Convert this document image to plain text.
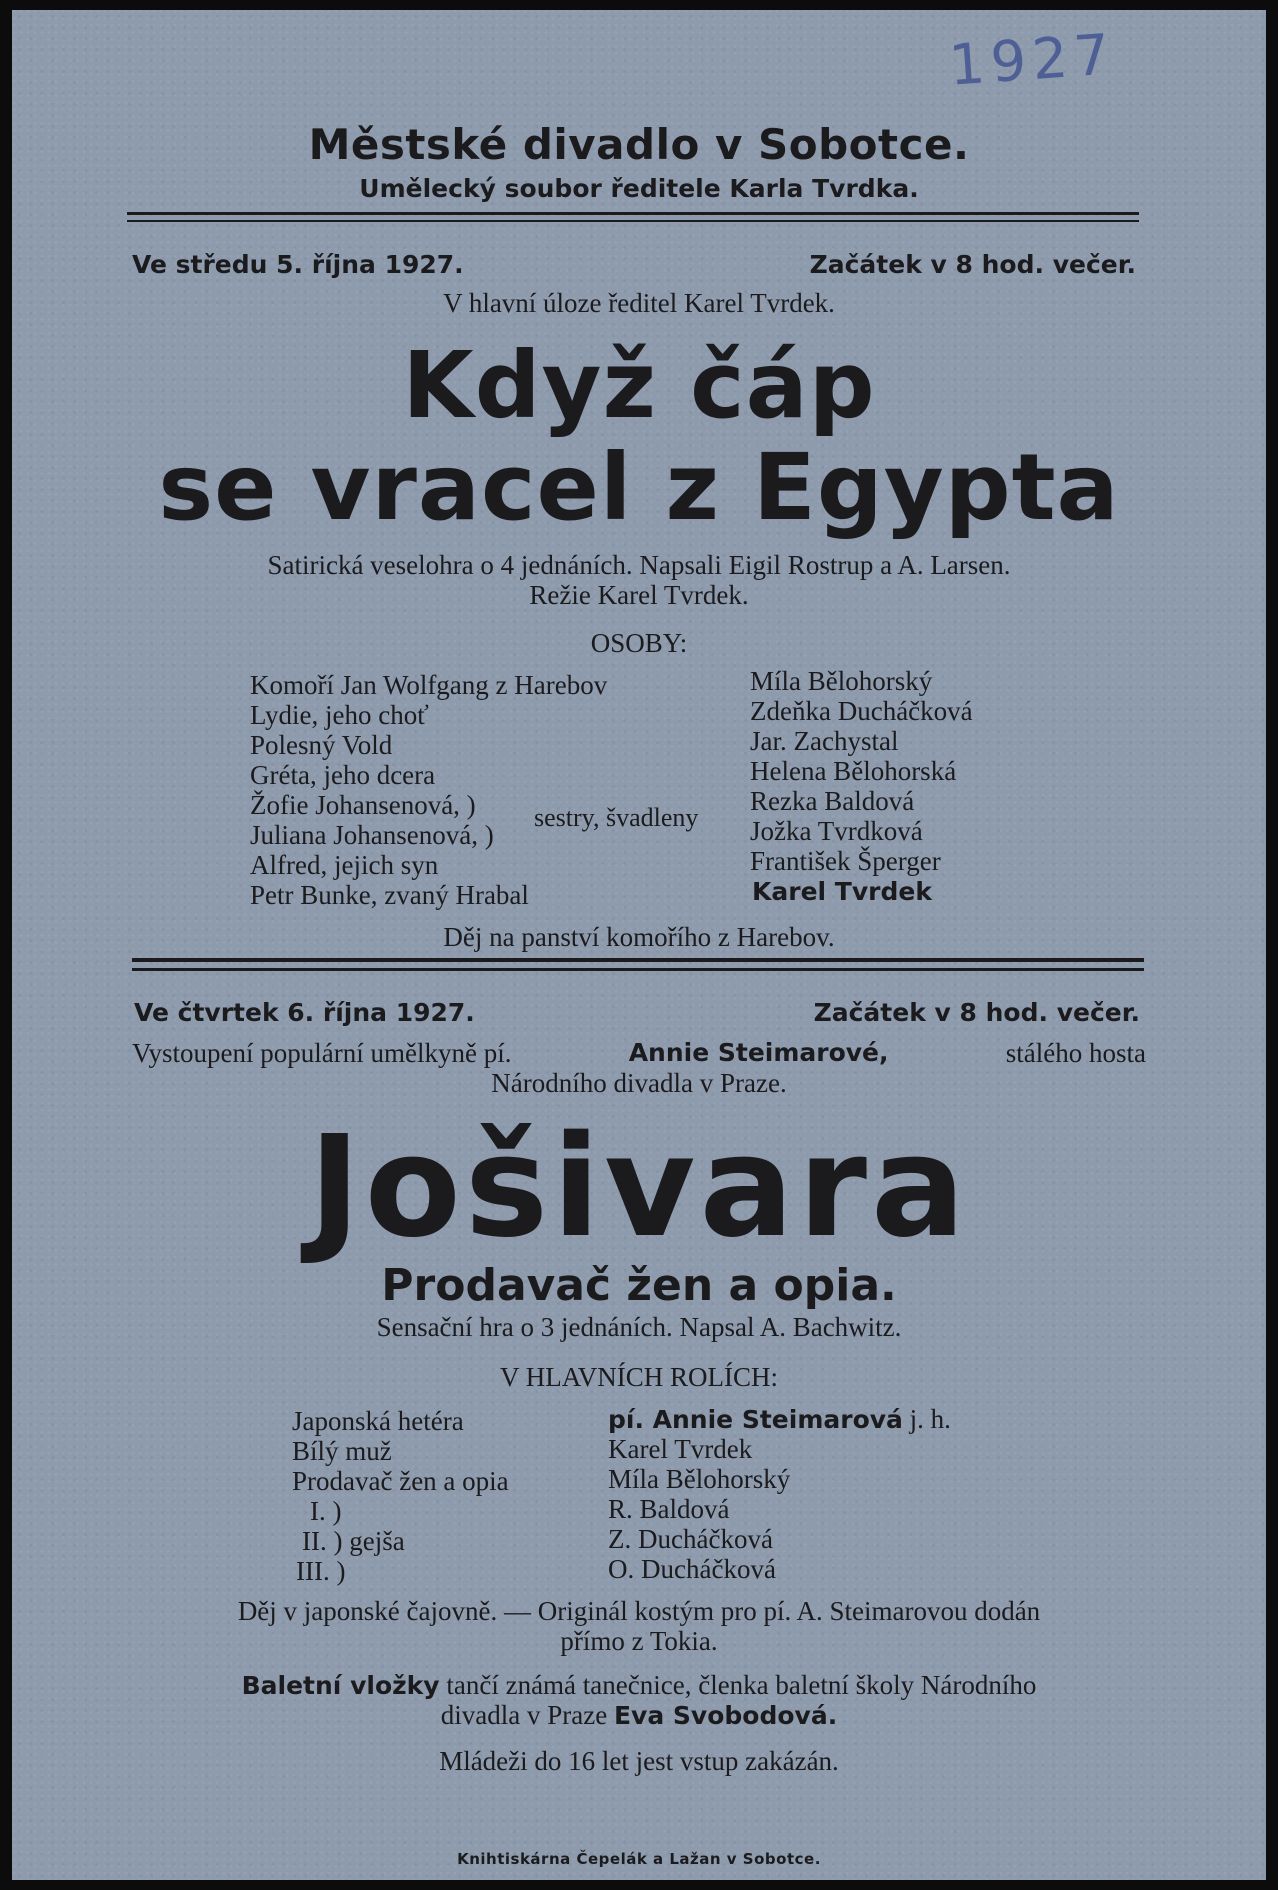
1927
Městské divadlo v Sobotce.
Umělecký soubor ředitele Karla Tvrdka.
Ve středu 5. října 1927.	Začátek v 8 hod. večer.
V hlavní úloze ředitel Karel Tvrdek.
Když čáp
se vracel z Egypta
Satirická veselohra o 4 jednáních. Napsali Eigil Rostrup a A. Larsen.
Režie Karel Tvrdek.
OSOBY:
Komoří Jan Wolfgang z Harebov	Míla Bělohorský
Lydie, jeho choť	Zdeňka Ducháčková
Polesný Vold	Jar. Zachystal
Gréta, jeho dcera	Helena Bělohorská
Žofie Johansenová, )	Rezka Baldová
Juliana Johansenová, )	Jožka Tvrdková
sestry, švadleny
Alfred, jejich syn	František Šperger
Petr Bunke, zvaný Hrabal	Karel Tvrdek
Děj na panství komořího z Harebov.
Ve čtvrtek 6. října 1927.	Začátek v 8 hod. večer.
Vystoupení populární umělkyně pí.	Annie Steimarové,	stálého hosta
Národního divadla v Praze.
Jošivara
Prodavač žen a opia.
Sensační hra o 3 jednáních. Napsal A. Bachwitz.
V HLAVNÍCH ROLÍCH:
Japonská hetéra	pí. Annie Steimarová j. h.
Bílý muž	Karel Tvrdek
Prodavač žen a opia	Míla Bělohorský
I. )	R. Baldová
II. ) gejša	Z. Ducháčková
III. )	O. Ducháčková
Děj v japonské čajovně. — Originál kostým pro pí. A. Steimarovou dodán
přímo z Tokia.
Baletní vložky tančí známá tanečnice, členka baletní školy Národního
divadla v Praze Eva Svobodová.
Mládeži do 16 let jest vstup zakázán.
Knihtiskárna Čepelák a Lažan v Sobotce.
